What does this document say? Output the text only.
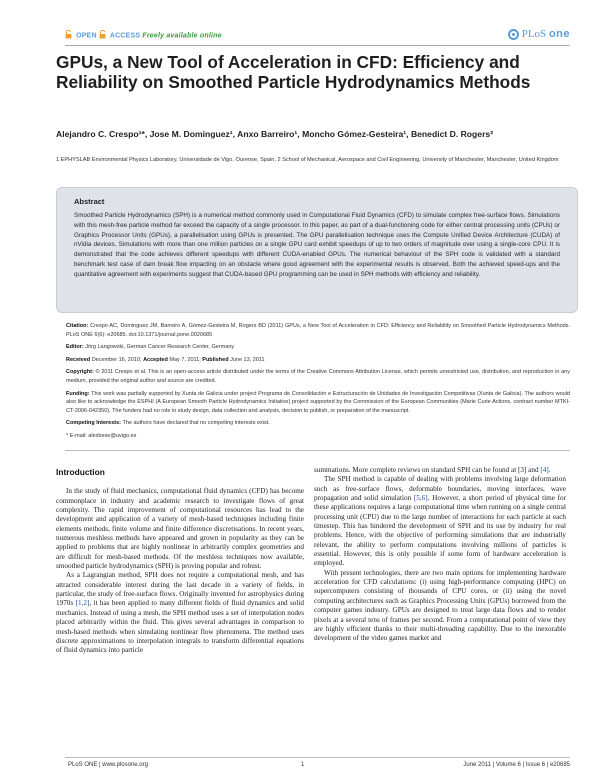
OPEN ACCESS Freely available online	PLoS one
GPUs, a New Tool of Acceleration in CFD: Efficiency and Reliability on Smoothed Particle Hydrodynamics Methods
Alejandro C. Crespo¹*, Jose M. Dominguez¹, Anxo Barreiro¹, Moncho Gómez-Gesteira¹, Benedict D. Rogers²
1 EPHYSLAB Environmental Physics Laboratory, Universidade de Vigo, Ourense, Spain, 2 School of Mechanical, Aerospace and Civil Engineering, University of Manchester, Manchester, United Kingdom
Abstract
Smoothed Particle Hydrodynamics (SPH) is a numerical method commonly used in Computational Fluid Dynamics (CFD) to simulate complex free-surface flows. Simulations with this mesh-free particle method far exceed the capacity of a single processor. In this paper, as part of a dual-functioning code for either central processing units (CPUs) or Graphics Processor Units (GPUs), a parallelisation using GPUs is presented. The GPU parallelisation technique uses the Compute Unified Device Architecture (CUDA) of nVidia devices. Simulations with more than one million particles on a single GPU card exhibit speedups of up to two orders of magnitude over using a single-core CPU. It is demonstrated that the code achieves different speedups with different CUDA-enabled GPUs. The numerical behaviour of the SPH code is validated with a standard benchmark test case of dam break flow impacting on an obstacle where good agreement with the experimental results is observed. Both the achieved speed-ups and the quantitative agreement with experiments suggest that CUDA-based GPU programming can be used in SPH methods with efficiency and reliability.

Citation: Crespo AC, Dominguez JM, Barreiro A, Gómez-Gesteira M, Rogers BD (2011) GPUs, a New Tool of Acceleration in CFD: Efficiency and Reliability on Smoothed Particle Hydrodynamics Methods. PLoS ONE 6(6): e20685. doi:10.1371/journal.pone.0020685

Editor: Jörg Langowski, German Cancer Research Center, Germany

Received December 16, 2010; Accepted May 7, 2011; Published June 13, 2011

Copyright: © 2011 Crespo et al. This is an open-access article distributed under the terms of the Creative Commons Attribution License, which permits unrestricted use, distribution, and reproduction in any medium, provided the original author and source are credited.

Funding: This work was partially supported by Xunta de Galicia under project Programa de Consolidación e Estructuración de Unidades de Investigación Competitivas (Xunta de Galicia). The authors would also like to acknowledge the ESPHI (A European Smooth Particle Hydrodynamics Initiative) project supported by the Commission of the European Communities (Marie Curie Actions, contract number MTKI-CT-2006-042350). The funders had no role in study design, data collection and analysis, decision to publish, or preparation of the manuscript.

Competing Interests: The authors have declared that no competing interests exist.

* E-mail: alexbexe@uvigo.es

Introduction

In the study of fluid mechanics, computational fluid dynamics (CFD) has become commonplace in industry and academic research to investigate flows of great complexity. The rapid improvement of computational resources has lead to the development and application of a variety of mesh-based techniques including finite elements methods, finite volume and finite difference discretisations. In recent years, numerous meshless methods have appeared and grown in popularity as they can be applied to problems that are highly nonlinear in arbitrarily complex geometries and are difficult for mesh-based methods. Of the meshless techniques now available, smoothed particle hydrodynamics (SPH) is proving popular and robust.

As a Lagrangian method, SPH does not require a computational mesh, and has attracted considerable interest during the last decade in a variety of fields, in particular, the study of free-surface flows. Originally invented for astrophysics during 1970s [1,2], it has been applied to many different fields of fluid dynamics and solid mechanics. Instead of using a mesh, the SPH method uses a set of interpolation nodes placed arbitrarily within the fluid. This gives several advantages in comparison to mesh-based methods when simulating nonlinear flow phenomena. The method uses discrete approximations to interpolation integrals to transform differential equations of fluid dynamics into particle

summations. More complete reviews on standard SPH can be found at [3] and [4].

The SPH method is capable of dealing with problems involving large deformation such as free-surface flows, deformable boundaries, moving interfaces, wave propagation and solid simulation [5,6]. However, a short period of physical time for these applications requires a large computational time when running on a single central processing unit (CPU) due to the large number of interactions for each particle at each timestep. This has hindered the development of SPH and its use by industry for real problems. Hence, with the objective of performing simulations that are industrially relevant, the ability to perform computations involving millions of particles is essential. However, this is only possible if some form of hardware acceleration is employed.

With present technologies, there are two main options for implementing hardware acceleration for CFD calculations: (i) using high-performance computing (HPC) on supercomputers consisting of thousands of CPU cores, or (ii) using the novel computing architectures such as Graphics Processing Units (GPUs) borrowed from the computer games industry. GPUs are designed to treat large data flows and to render pixels at a several tens of frames per second. From a computational point of view they are highly efficient thanks to their multi-threading capability. Due to the inexorable development of the video games market and

PLoS ONE | www.plosone.org	1	June 2011 | Volume 6 | Issue 6 | e20685
